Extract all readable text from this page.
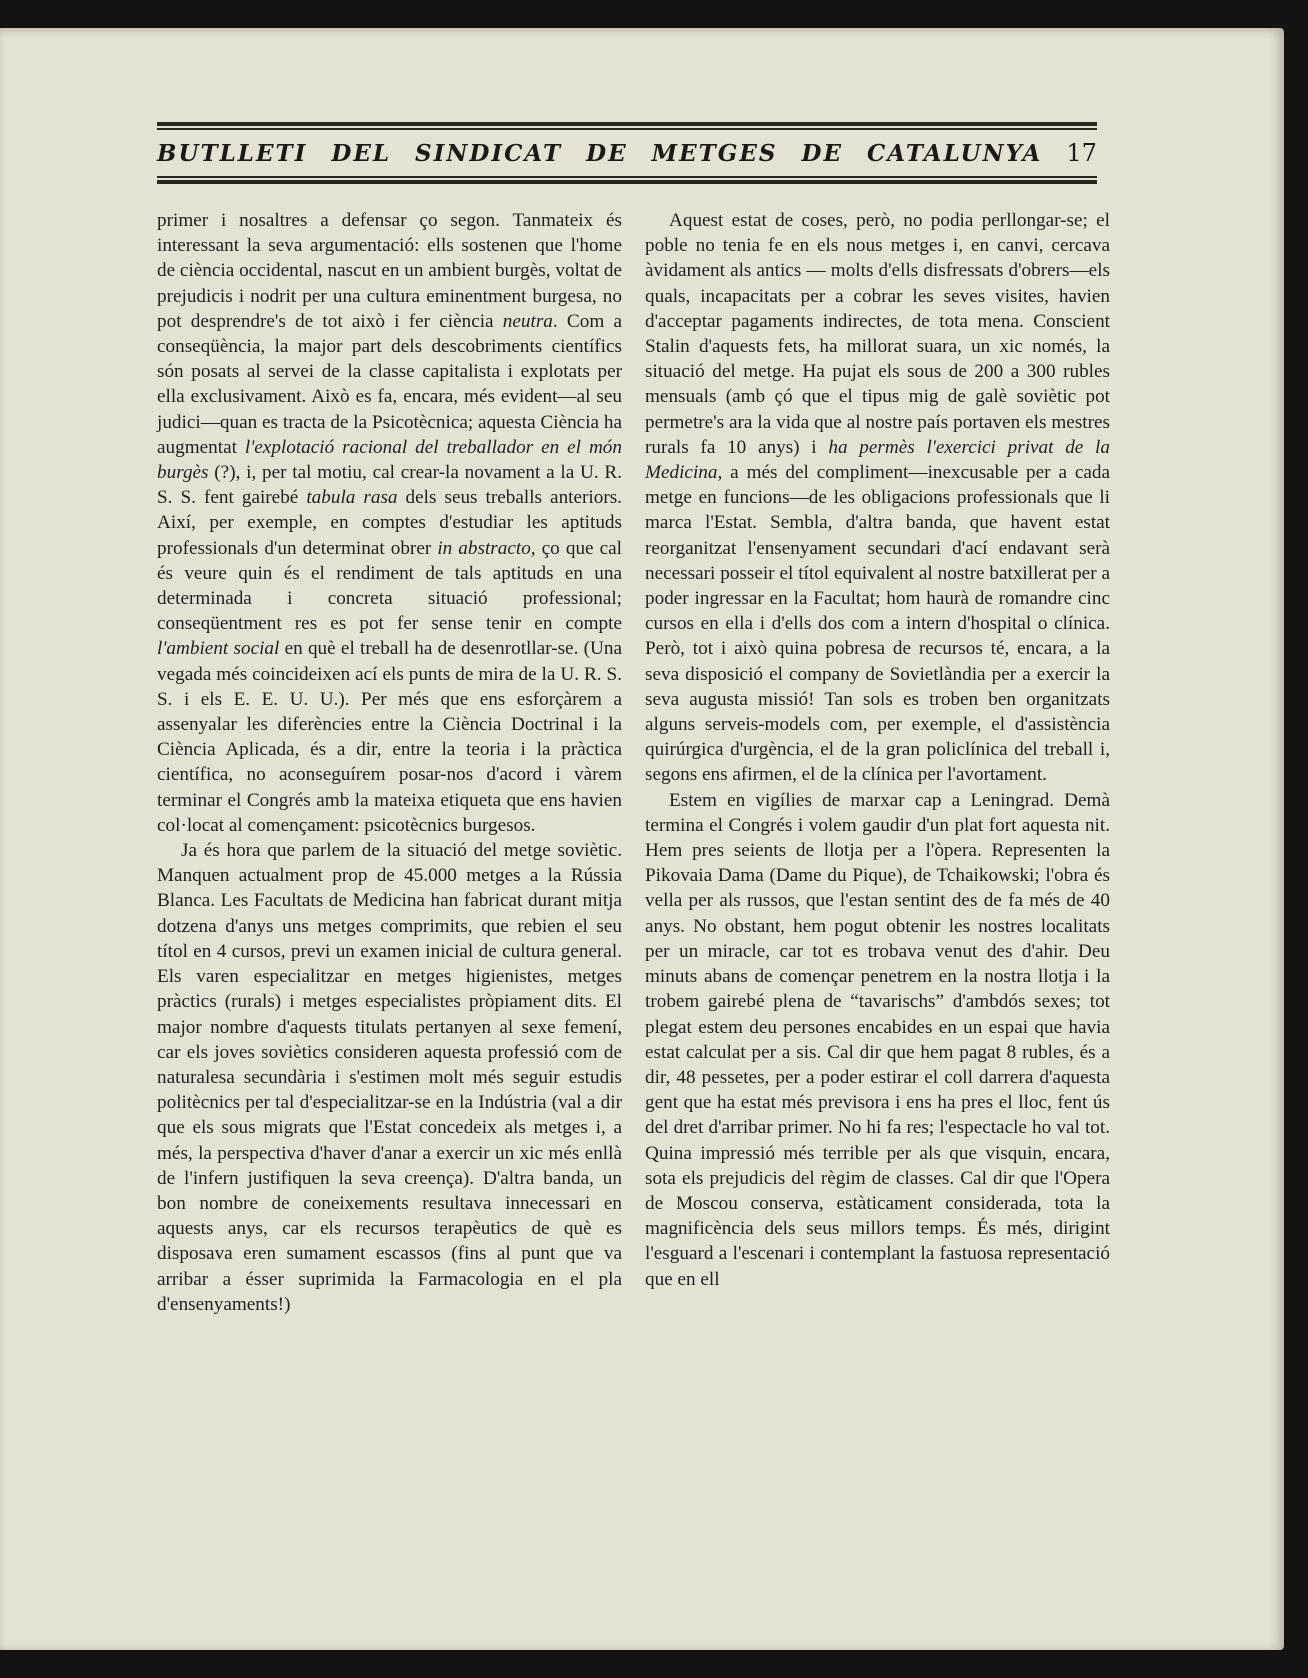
BUTLLETI DEL SINDICAT DE METGES DE CATALUNYA 17

primer i nosaltres a defensar ço segon. Tanmateix és interessant la seva argumentació: ells sostenen que l'home de ciència occidental, nascut en un ambient burgès, voltat de prejudicis i nodrit per una cultura eminentment burgesa, no pot desprendre's de tot això i fer ciència neutra. Com a conseqüència, la major part dels descobriments científics són posats al servei de la classe capitalista i explotats per ella exclusivament. Això es fa, encara, més evident—al seu judici—quan es tracta de la Psicotècnica; aquesta Ciència ha augmentat l'explotació racional del treballador en el món burgès (?), i, per tal motiu, cal crear-la novament a la U. R. S. S. fent gairebé tabula rasa dels seus treballs anteriors. Així, per exemple, en comptes d'estudiar les aptituds professionals d'un determinat obrer in abstracto, ço que cal és veure quin és el rendiment de tals aptituds en una determinada i concreta situació professional; conseqüentment res es pot fer sense tenir en compte l'ambient social en què el treball ha de desenrotllar-se. (Una vegada més coincideixen ací els punts de mira de la U. R. S. S. i els E. E. U. U.). Per més que ens esforçàrem a assenyalar les diferències entre la Ciència Doctrinal i la Ciència Aplicada, és a dir, entre la teoria i la pràctica científica, no aconseguírem posar-nos d'acord i vàrem terminar el Congrés amb la mateixa etiqueta que ens havien col·locat al començament: psicotècnics burgesos.

Ja és hora que parlem de la situació del metge soviètic. Manquen actualment prop de 45.000 metges a la Rússia Blanca. Les Facultats de Medicina han fabricat durant mitja dotzena d'anys uns metges comprimits, que rebien el seu títol en 4 cursos, previ un examen inicial de cultura general. Els varen especialitzar en metges higienistes, metges pràctics (rurals) i metges especialistes pròpiament dits. El major nombre d'aquests titulats pertanyen al sexe femení, car els joves soviètics consideren aquesta professió com de naturalesa secundària i s'estimen molt més seguir estudis politècnics per tal d'especialitzar-se en la Indústria (val a dir que els sous migrats que l'Estat concedeix als metges i, a més, la perspectiva d'haver d'anar a exercir un xic més enllà de l'infern justifiquen la seva creença). D'altra banda, un bon nombre de coneixements resultava innecessari en aquests anys, car els recursos terapèutics de què es disposava eren sumament escassos (fins al punt que va arribar a ésser suprimida la Farmacologia en el pla d'ensenyaments!)

Aquest estat de coses, però, no podia perllongar-se; el poble no tenia fe en els nous metges i, en canvi, cercava àvidament als antics — molts d'ells disfressats d'obrers—els quals, incapacitats per a cobrar les seves visites, havien d'acceptar pagaments indirectes, de tota mena. Conscient Stalin d'aquests fets, ha millorat suara, un xic només, la situació del metge. Ha pujat els sous de 200 a 300 rubles mensuals (amb çó que el tipus mig de galè soviètic pot permetre's ara la vida que al nostre país portaven els mestres rurals fa 10 anys) i ha permès l'exercici privat de la Medicina, a més del compliment—inexcusable per a cada metge en funcions—de les obligacions professionals que li marca l'Estat. Sembla, d'altra banda, que havent estat reorganitzat l'ensenyament secundari d'ací endavant serà necessari posseir el títol equivalent al nostre batxillerat per a poder ingressar en la Facultat; hom haurà de romandre cinc cursos en ella i d'ells dos com a intern d'hospital o clínica. Però, tot i això quina pobresa de recursos té, encara, a la seva disposició el company de Sovietlàndia per a exercir la seva augusta missió! Tan sols es troben ben organitzats alguns serveis-models com, per exemple, el d'assistència quirúrgica d'urgència, el de la gran policlínica del treball i, segons ens afirmen, el de la clínica per l'avortament.

Estem en vigílies de marxar cap a Leningrad. Demà termina el Congrés i volem gaudir d'un plat fort aquesta nit. Hem pres seients de llotja per a l'òpera. Representen la Pikovaia Dama (Dame du Pique), de Tchaikowski; l'obra és vella per als russos, que l'estan sentint des de fa més de 40 anys. No obstant, hem pogut obtenir les nostres localitats per un miracle, car tot es trobava venut des d'ahir. Deu minuts abans de començar penetrem en la nostra llotja i la trobem gairebé plena de “tavarischs” d'ambdós sexes; tot plegat estem deu persones encabides en un espai que havia estat calculat per a sis. Cal dir que hem pagat 8 rubles, és a dir, 48 pessetes, per a poder estirar el coll darrera d'aquesta gent que ha estat més previsora i ens ha pres el lloc, fent ús del dret d'arribar primer. No hi fa res; l'espectacle ho val tot. Quina impressió més terrible per als que visquin, encara, sota els prejudicis del règim de classes. Cal dir que l'Opera de Moscou conserva, estàticament considerada, tota la magnificència dels seus millors temps. És més, dirigint l'esguard a l'escenari i contemplant la fastuosa representació que en ell
